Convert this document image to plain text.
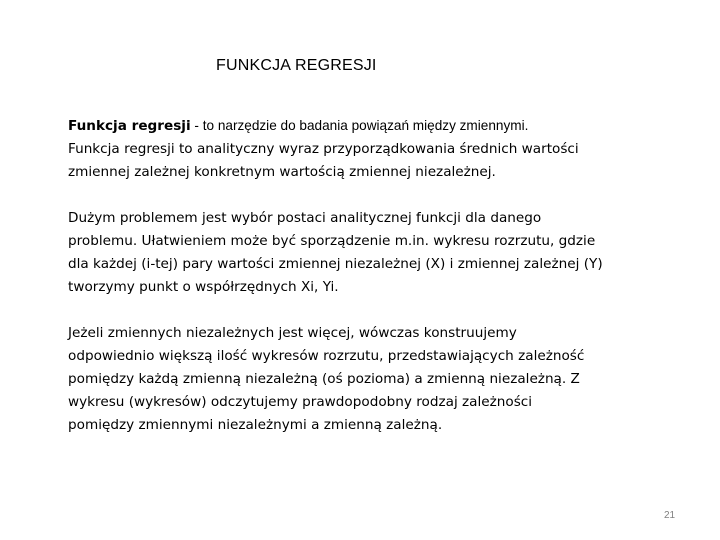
FUNKCJA REGRESJI
Funkcja regresji - to narzędzie do badania powiązań między zmiennymi.
Funkcja regresji to analityczny wyraz przyporządkowania średnich wartości
zmiennej zależnej konkretnym wartością zmiennej niezależnej.
Dużym problemem jest wybór postaci analitycznej funkcji dla danego
problemu. Ułatwieniem może być sporządzenie m.in. wykresu rozrzutu, gdzie
dla każdej (i-tej) pary wartości zmiennej niezależnej (X) i zmiennej zależnej (Y)
tworzymy punkt o współrzędnych Xi, Yi.
Jeżeli zmiennych niezależnych jest więcej, wówczas konstruujemy
odpowiednio większą ilość wykresów rozrzutu, przedstawiających zależność
pomiędzy każdą zmienną niezależną (oś pozioma) a zmienną niezależną. Z
wykresu (wykresów) odczytujemy prawdopodobny rodzaj zależności
pomiędzy zmiennymi niezależnymi a zmienną zależną.
21
